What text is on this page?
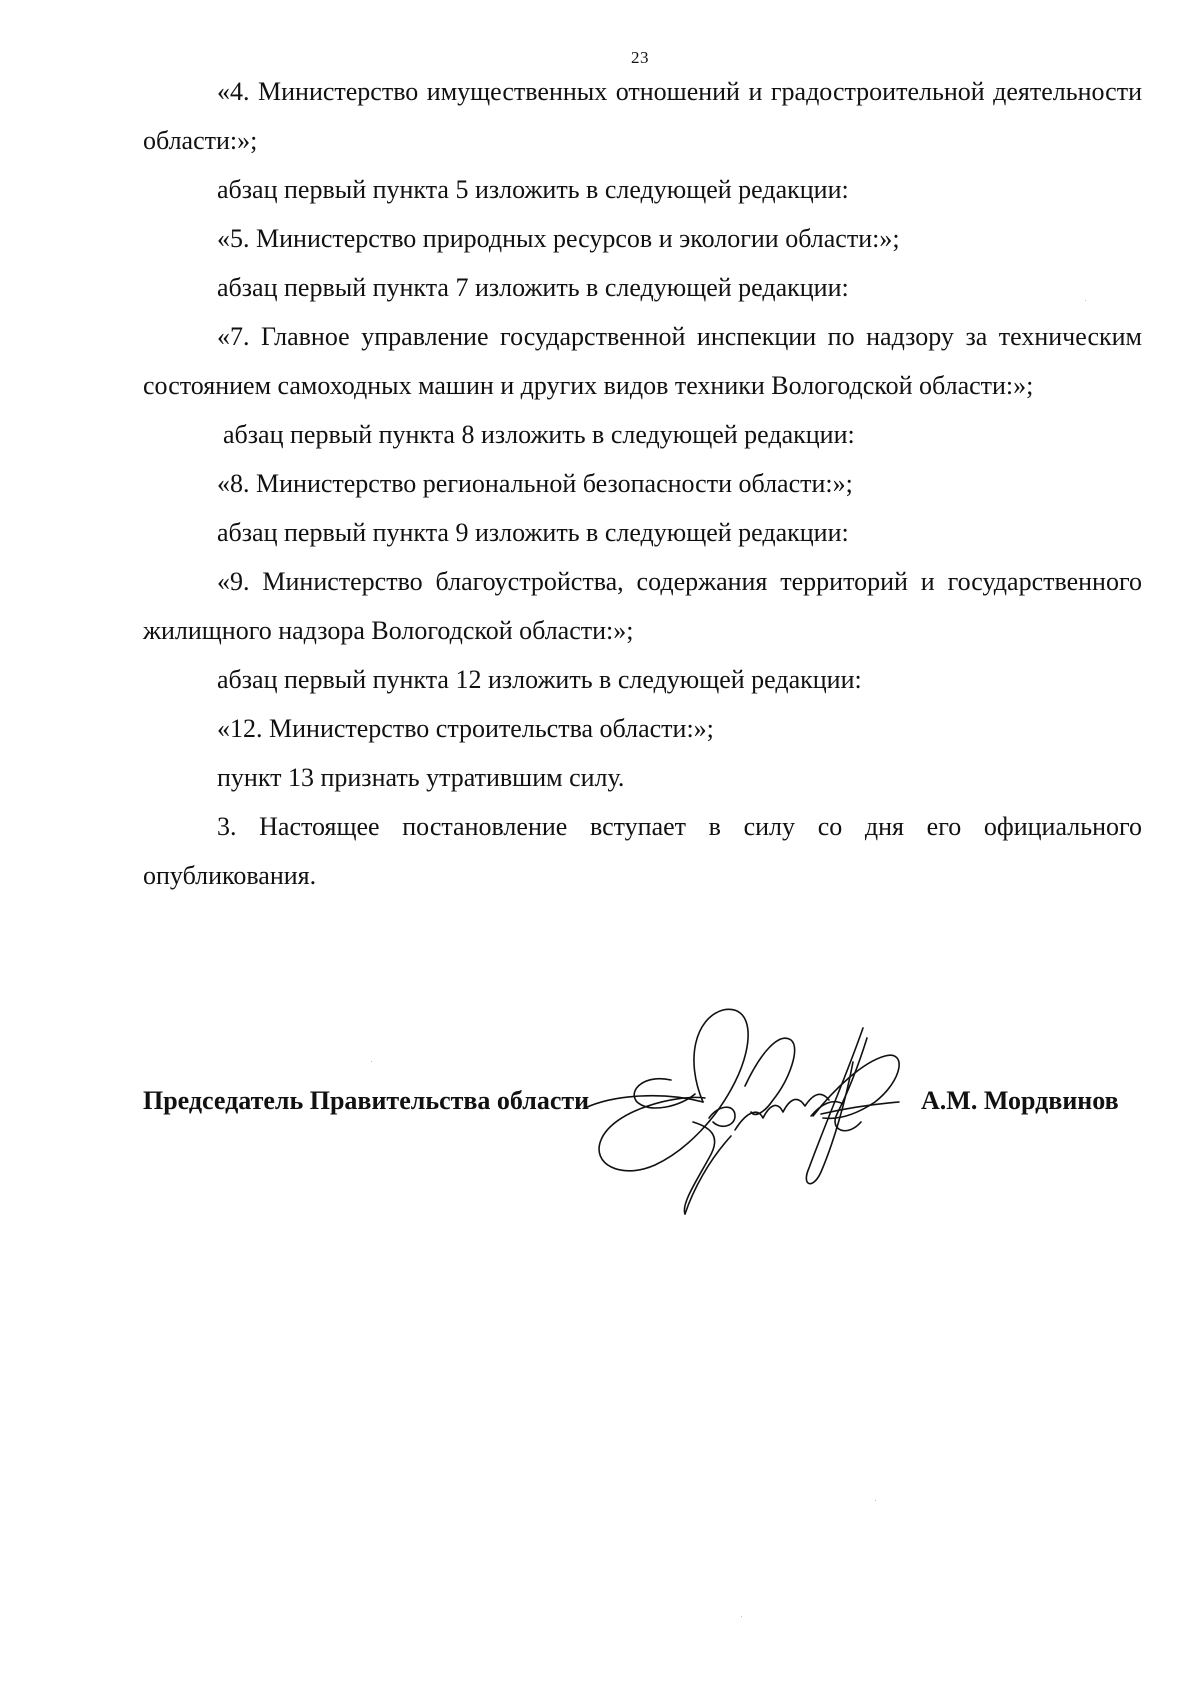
23

«4. Министерство имущественных отношений и градостроительной деятельности области:»;

абзац первый пункта 5 изложить в следующей редакции:

«5. Министерство природных ресурсов и экологии области:»;

абзац первый пункта 7 изложить в следующей редакции:

«7. Главное управление государственной инспекции по надзору за техническим состоянием самоходных машин и других видов техники Вологодской области:»;

абзац первый пункта 8 изложить в следующей редакции:

«8. Министерство региональной безопасности области:»;

абзац первый пункта 9 изложить в следующей редакции:

«9. Министерство благоустройства, содержания территорий и государственного жилищного надзора Вологодской области:»;

абзац первый пункта 12 изложить в следующей редакции:

«12. Министерство строительства области:»;

пункт 13 признать утратившим силу.

3. Настоящее постановление вступает в силу со дня его официального опубликования.

Председатель Правительства области	А.М. Мордвинов
